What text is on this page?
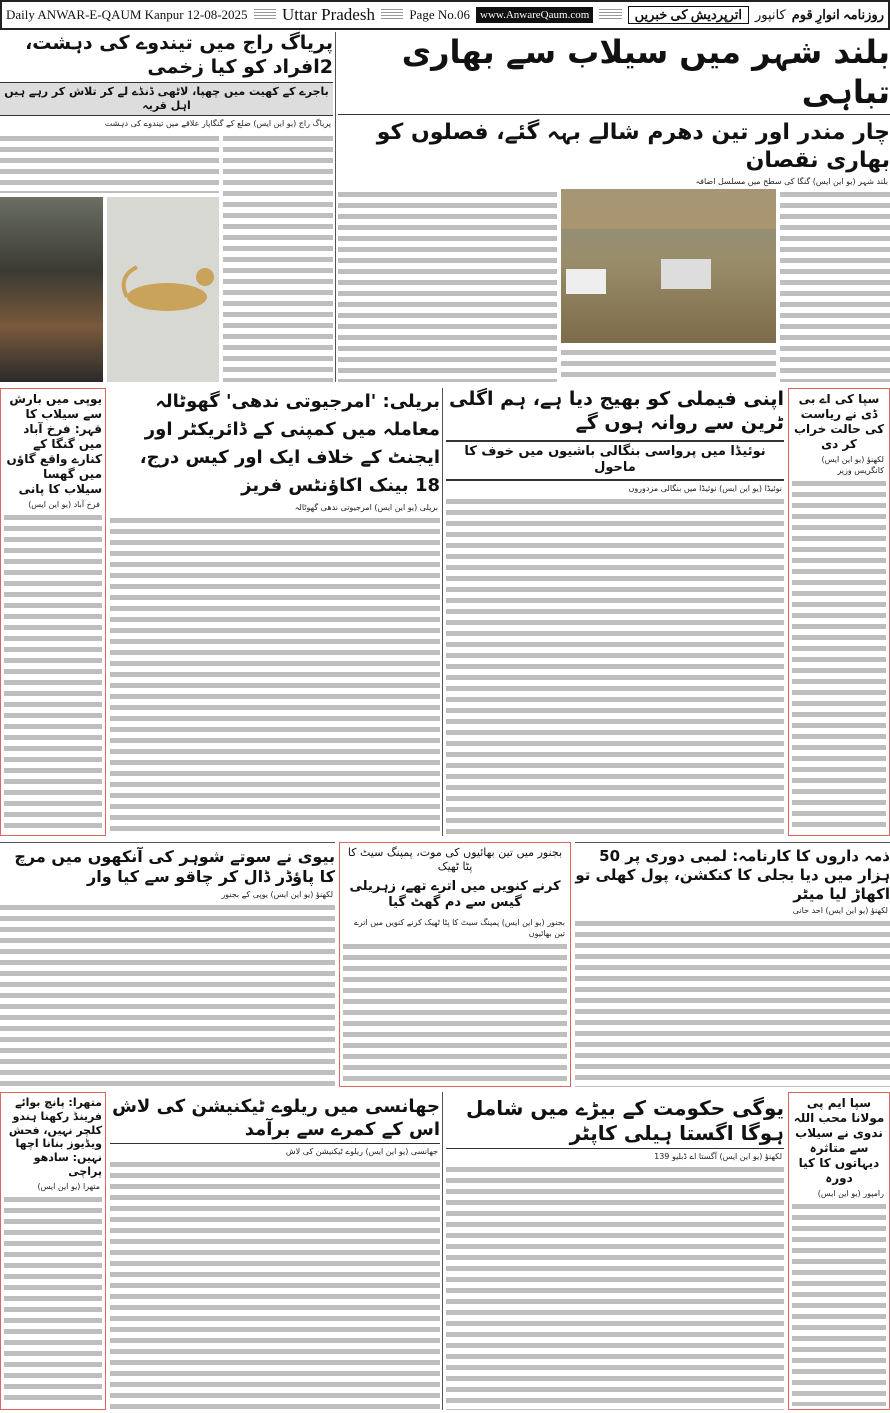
Daily ANWAR-E-QAUM Kanpur 12-08-2025 Uttar Pradesh	Page No.06 www.AnwareQaum.com	اترپردیش کی خبریں	کانپور روزنامہ انوارِ قوم
پریاگ راج میں تیندوے کی دہشت، 2افراد کو کیا زخمی
باجرے کے کھیت میں چھپا، لاٹھی ڈنڈے لے کر تلاش کر رہے ہیں اہل قریہ
پریاگ راج (یو این ایس) ضلع کے گنگاپار علاقے میں تیندوے کی دہشت
بلند شہر میں سیلاب سے بھاری تباہی
چار مندر اور تین دھرم شالے بہہ گئے، فصلوں کو بھاری نقصان
بلند شہر (یو این ایس) گنگا کی سطح میں مسلسل اضافہ
یوپی میں بارش سے سیلاب کا قہر: فرخ آباد میں گنگا کے کنارے واقع گاؤں میں گھسا سیلاب کا پانی
فرخ آباد (یو این ایس)
بریلی: 'امرجیوتی ندھی' گھوٹالہ معاملہ میں کمپنی کے ڈائریکٹر اور ایجنٹ کے خلاف ایک اور کیس درج، 18 بینک اکاؤنٹس فریز
بریلی (یو این ایس) امرجیوتی ندھی گھوٹالہ
اپنی فیملی کو بھیج دیا ہے، ہم اگلی ٹرین سے روانہ ہوں گے
نوئیڈا میں پرواسی بنگالی باشیوں میں خوف کا ماحول
نوئیڈا (یو این ایس) نوئیڈا میں بنگالی مزدوروں
سپا کی اے بی ڈی نے ریاست کی حالت خراب کر دی
لکھنؤ (یو این ایس) کانگریس وزیر
بیوی نے سوتے شوہر کی آنکھوں میں مرچ کا پاؤڈر ڈال کر چاقو سے کیا وار
لکھنؤ (یو این ایس) یوپی کے بجنور
بجنور میں تین بھائیوں کی موت، پمپنگ سیٹ کا پٹا ٹھیک
کرنے کنویں میں اترے تھے، زہریلی گیس سے دم گھٹ گیا
بجنور (یو این ایس) پمپنگ سیٹ کا پٹا ٹھیک کرنے کنویں میں اترے تین بھائیوں
ذمہ داروں کا کارنامہ: لمبی دوری پر 50 ہزار میں دیا بجلی کا کنکشن، پول کھلی تو اکھاڑ لیا میٹر
لکھنؤ (یو این ایس) احد حانی
متھرا: پانچ بوائے فرینڈ رکھنا ہندو کلچر نہیں، فحش ویڈیوز بنانا اچھا نہیں: سادھو پراچی
متھرا (یو این ایس)
جھانسی میں ریلوے ٹیکنیشن کی لاش اس کے کمرے سے برآمد
جھانسی (یو این ایس) ریلوے ٹیکنیشن کی لاش
یوگی حکومت کے بیڑے میں شامل ہوگا اگستا ہیلی کاپٹر
لکھنؤ (یو این ایس) آگستا اے ڈبلیو 139
سپا ایم پی مولانا محب اللہ ندوی نے سیلاب سے متاثرہ دیہاتوں کا کیا دورہ
رامپور (یو این ایس)
